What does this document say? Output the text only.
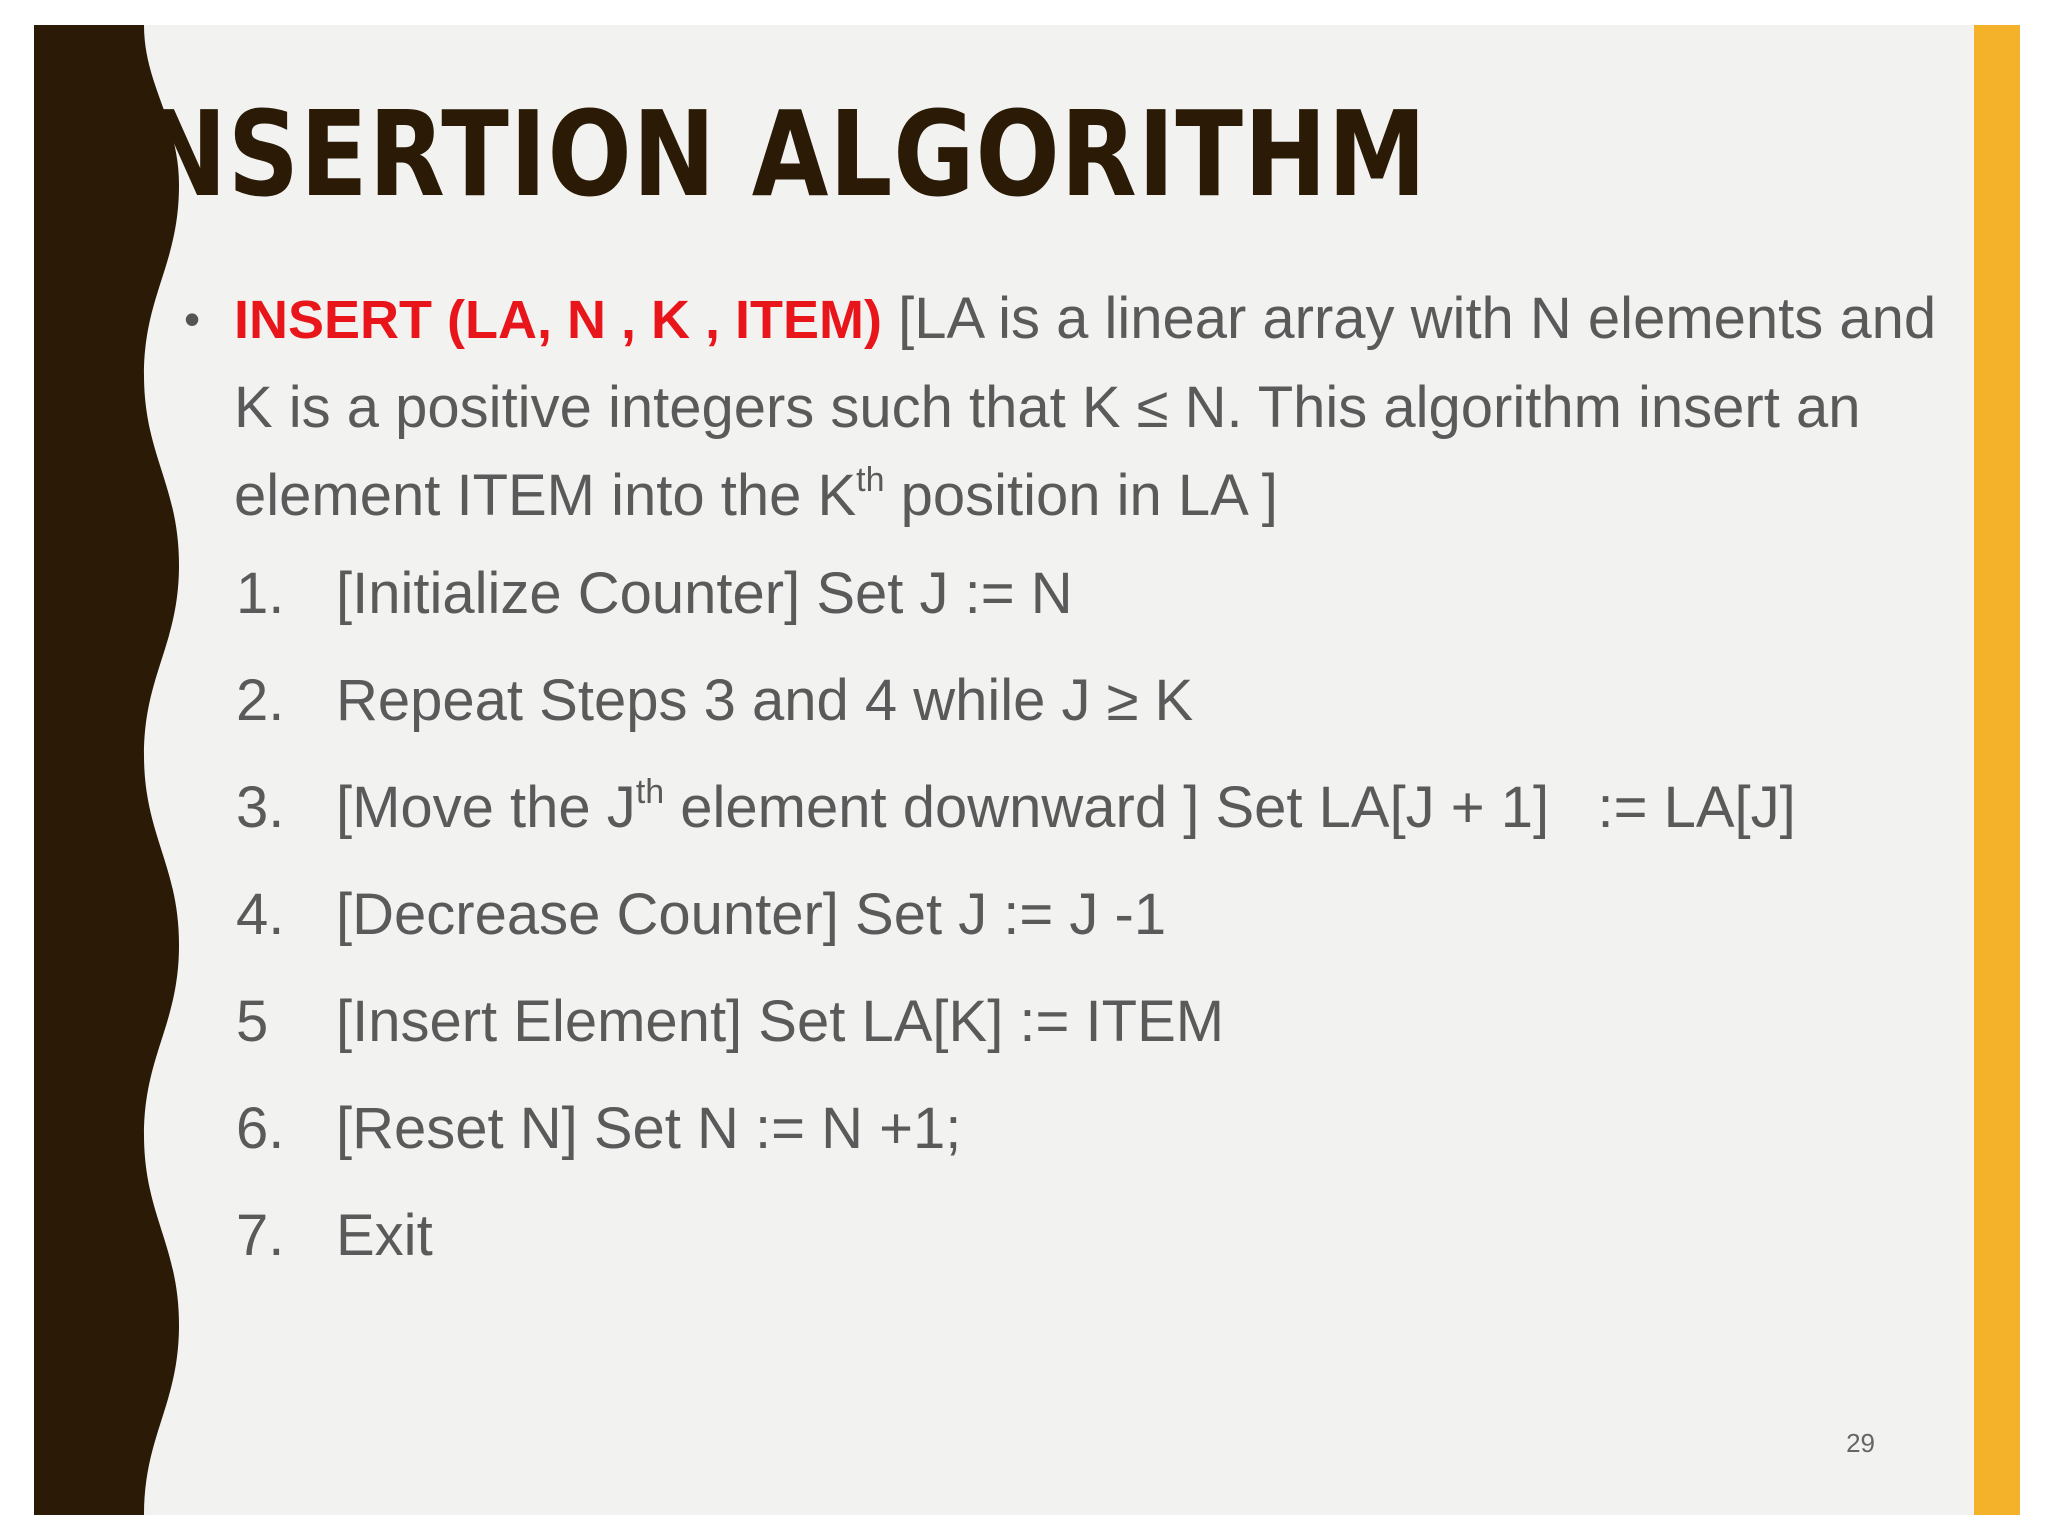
NSERTION ALGORITHM

• INSERT (LA, N , K , ITEM) [LA is a linear array with N elements and K is a positive integers such that K ≤ N. This algorithm insert an element ITEM into the $K^{th}$ position in LA ]

1. [Initialize Counter] Set J := N
2. Repeat Steps 3 and 4 while J ≥ K
3. [Move the $J^{th}$ element downward ] Set LA[J + 1]   := LA[J]
4. [Decrease Counter] Set J := J -1
5 [Insert Element] Set LA[K] := ITEM
6. [Reset N] Set N := N +1;
7. Exit
29
